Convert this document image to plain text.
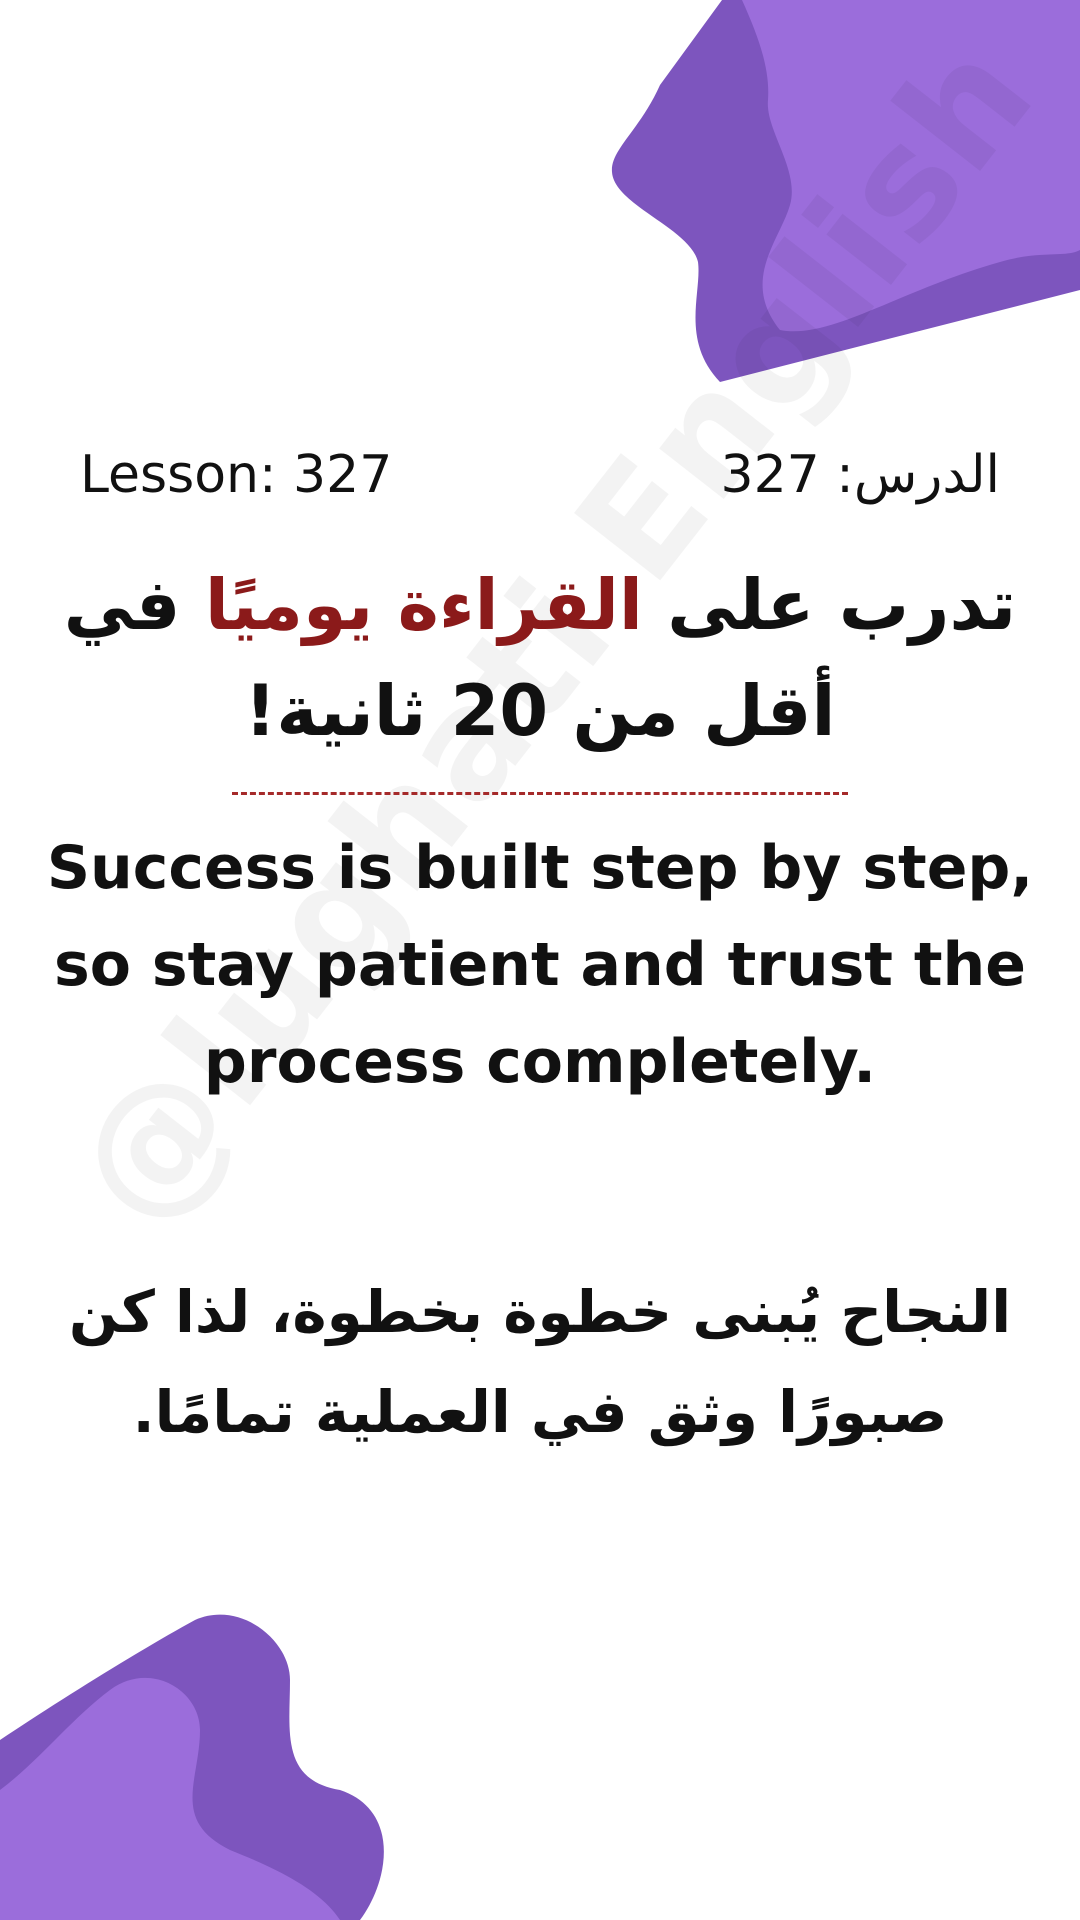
Lesson: 327	الدرس: 327
تدرب على القراءة يوميًا في
أقل من 20 ثانية!
Success is built step by step, so stay patient and trust the process completely.
النجاح يُبنى خطوة بخطوة، لذا كن صبورًا وثق في العملية تمامًا.
